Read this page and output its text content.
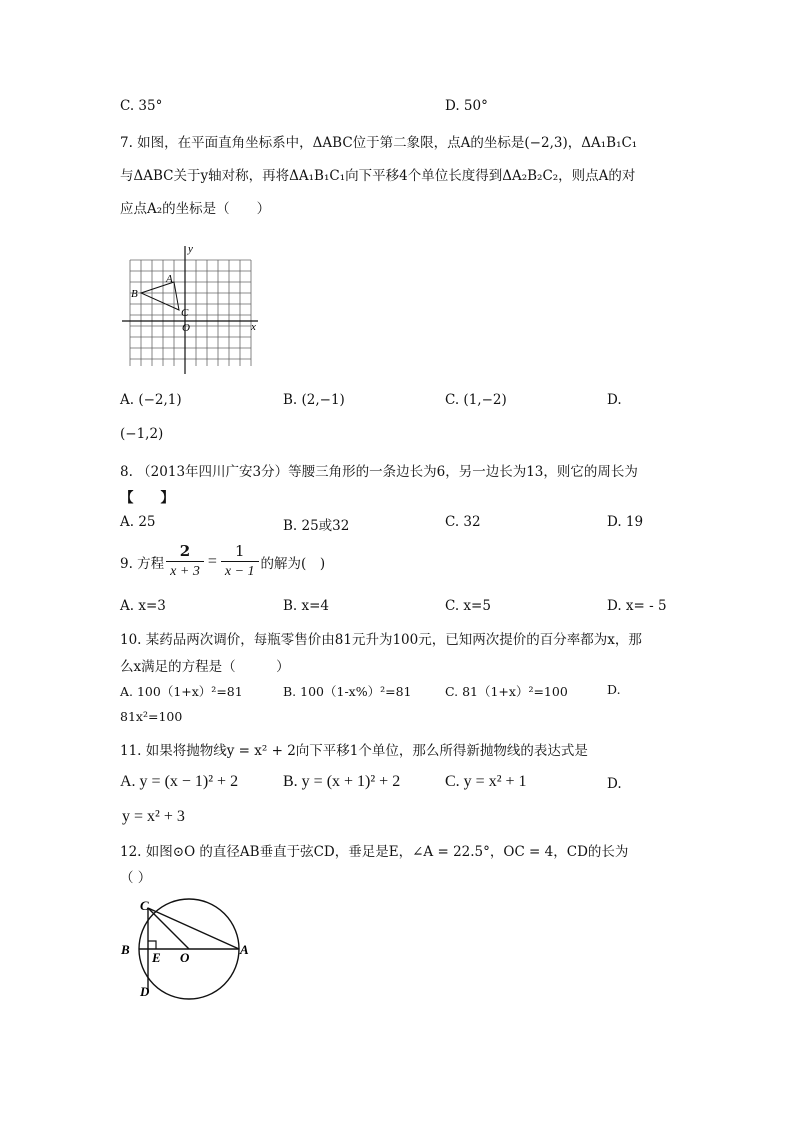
C. 35°	D. 50°
7. 如图，在平面直角坐标系中，ΔABC位于第二象限，点A的坐标是(−2,3)，ΔA₁B₁C₁
与ΔABC关于y轴对称，再将ΔA₁B₁C₁向下平移4个单位长度得到ΔA₂B₂C₂，则点A的对
应点A₂的坐标是（　　）
y
x
A
B
C
O
A. (−2,1)	B. (2,−1)	C. (1,−2)	D.
(−1,2)
8. （2013年四川广安3分）等腰三角形的一条边长为6，另一边长为13，则它的周长为
【　　】
A. 25	B. 25或32	C. 32	D. 19
9. 方程 $\frac{2}{x + 3} = \frac{1}{x - 1}$ 的解为(　)
A. x=3	B. x=4	C. x=5	D. x= - 5
10. 某药品两次调价，每瓶零售价由81元升为100元，已知两次提价的百分率都为x，那
么x满足的方程是（　　　）
A. 100（1+x）²=81	B. 100（1-x%）²=81	C. 81（1+x）²=100	D.
81x²=100
11. 如果将抛物线y = x² + 2向下平移1个单位，那么所得新抛物线的表达式是
A. y = (x − 1)² + 2	B. y = (x + 1)² + 2	C. y = x² + 1	D.
y = x² + 3
12. 如图⊙O 的直径AB垂直于弦CD，垂足是E，∠A = 22.5°，OC = 4，CD的长为
（ ）
C
B
E O
A
D
